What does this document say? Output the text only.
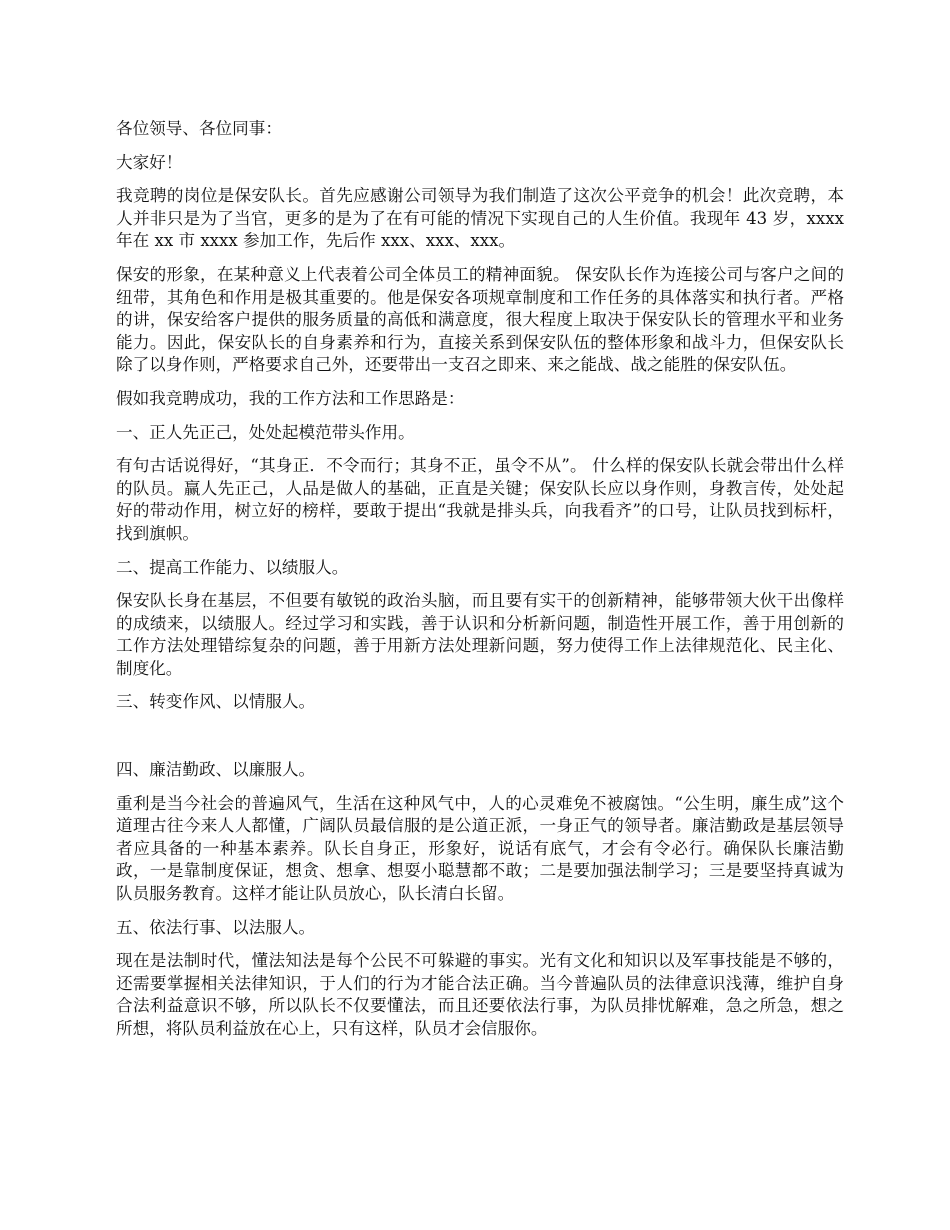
各位领导、各位同事：

大家好！

我竞聘的岗位是保安队长。首先应感谢公司领导为我们制造了这次公平竞争的机会！此次竞聘，本人并非只是为了当官，更多的是为了在有可能的情况下实现自己的人生价值。我现年 43 岁，xxxx 年在 xx 市 xxxx 参加工作，先后作 xxx、xxx、xxx。

保安的形象，在某种意义上代表着公司全体员工的精神面貌。 保安队长作为连接公司与客户之间的纽带，其角色和作用是极其重要的。他是保安各项规章制度和工作任务的具体落实和执行者。严格的讲，保安给客户提供的服务质量的高低和满意度，很大程度上取决于保安队长的管理水平和业务能力。因此，保安队长的自身素养和行为，直接关系到保安队伍的整体形象和战斗力，但保安队长除了以身作则，严格要求自己外，还要带出一支召之即来、来之能战、战之能胜的保安队伍。

假如我竞聘成功，我的工作方法和工作思路是：

一、正人先正己，处处起模范带头作用。

有句古话说得好，“其身正．不令而行；其身不正，虽令不从”。 什么样的保安队长就会带出什么样的队员。赢人先正己，人品是做人的基础，正直是关键；保安队长应以身作则，身教言传，处处起好的带动作用，树立好的榜样，要敢于提出“我就是排头兵，向我看齐”的口号，让队员找到标杆，找到旗帜。

二、提高工作能力、以绩服人。

保安队长身在基层，不但要有敏锐的政治头脑，而且要有实干的创新精神，能够带领大伙干出像样的成绩来，以绩服人。经过学习和实践，善于认识和分析新问题，制造性开展工作，善于用创新的工作方法处理错综复杂的问题，善于用新方法处理新问题，努力使得工作上法律规范化、民主化、制度化。

三、转变作风、以情服人。

四、廉洁勤政、以廉服人。

重利是当今社会的普遍风气，生活在这种风气中，人的心灵难免不被腐蚀。“公生明，廉生成”这个道理古往今来人人都懂，广阔队员最信服的是公道正派，一身正气的领导者。廉洁勤政是基层领导者应具备的一种基本素养。队长自身正，形象好，说话有底气，才会有令必行。确保队长廉洁勤政，一是靠制度保证，想贪、想拿、想耍小聪慧都不敢；二是要加强法制学习；三是要坚持真诚为队员服务教育。这样才能让队员放心，队长清白长留。

五、依法行事、以法服人。

现在是法制时代，懂法知法是每个公民不可躲避的事实。光有文化和知识以及军事技能是不够的，还需要掌握相关法律知识，于人们的行为才能合法正确。当今普遍队员的法律意识浅薄，维护自身合法利益意识不够，所以队长不仅要懂法，而且还要依法行事，为队员排忧解难，急之所急，想之所想，将队员利益放在心上，只有这样，队员才会信服你。
